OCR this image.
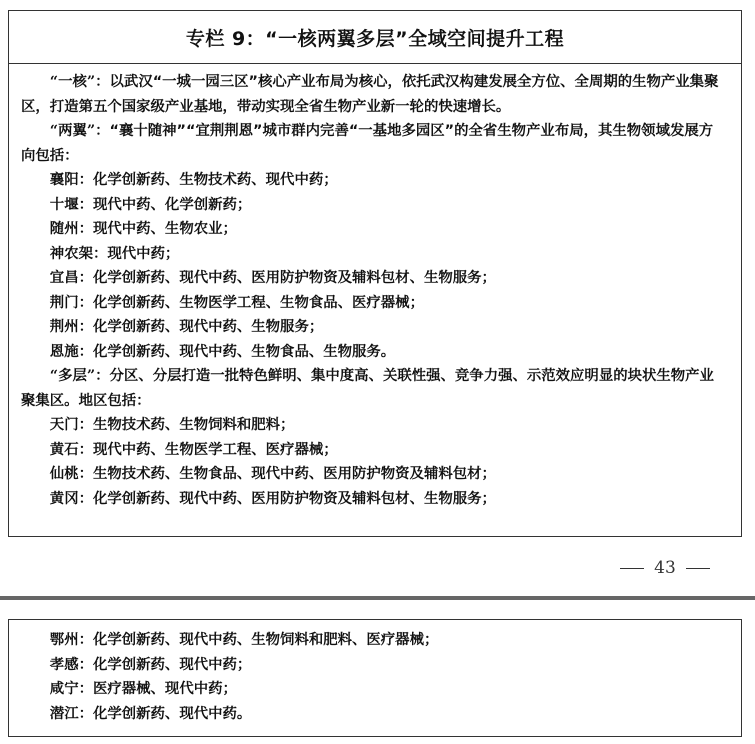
专栏 9：“一核两翼多层”全域空间提升工程

“一核”：以武汉“一城一园三区”核心产业布局为核心，依托武汉构建发展全方位、全周期的生物产业集聚区，打造第五个国家级产业基地，带动实现全省生物产业新一轮的快速增长。

“两翼”：“襄十随神”“宜荆荆恩”城市群内完善“一基地多园区”的全省生物产业布局，其生物领域发展方向包括：

襄阳：化学创新药、生物技术药、现代中药；

十堰：现代中药、化学创新药；

随州：现代中药、生物农业；

神农架：现代中药；

宜昌：化学创新药、现代中药、医用防护物资及辅料包材、生物服务；

荆门：化学创新药、生物医学工程、生物食品、医疗器械；

荆州：化学创新药、现代中药、生物服务；

恩施：化学创新药、现代中药、生物食品、生物服务。

“多层”：分区、分层打造一批特色鲜明、集中度高、关联性强、竞争力强、示范效应明显的块状生物产业聚集区。地区包括：

天门：生物技术药、生物饲料和肥料；

黄石：现代中药、生物医学工程、医疗器械；

仙桃：生物技术药、生物食品、现代中药、医用防护物资及辅料包材；

黄冈：化学创新药、现代中药、医用防护物资及辅料包材、生物服务；

43

鄂州：化学创新药、现代中药、生物饲料和肥料、医疗器械；

孝感：化学创新药、现代中药；

咸宁：医疗器械、现代中药；

潜江：化学创新药、现代中药。
